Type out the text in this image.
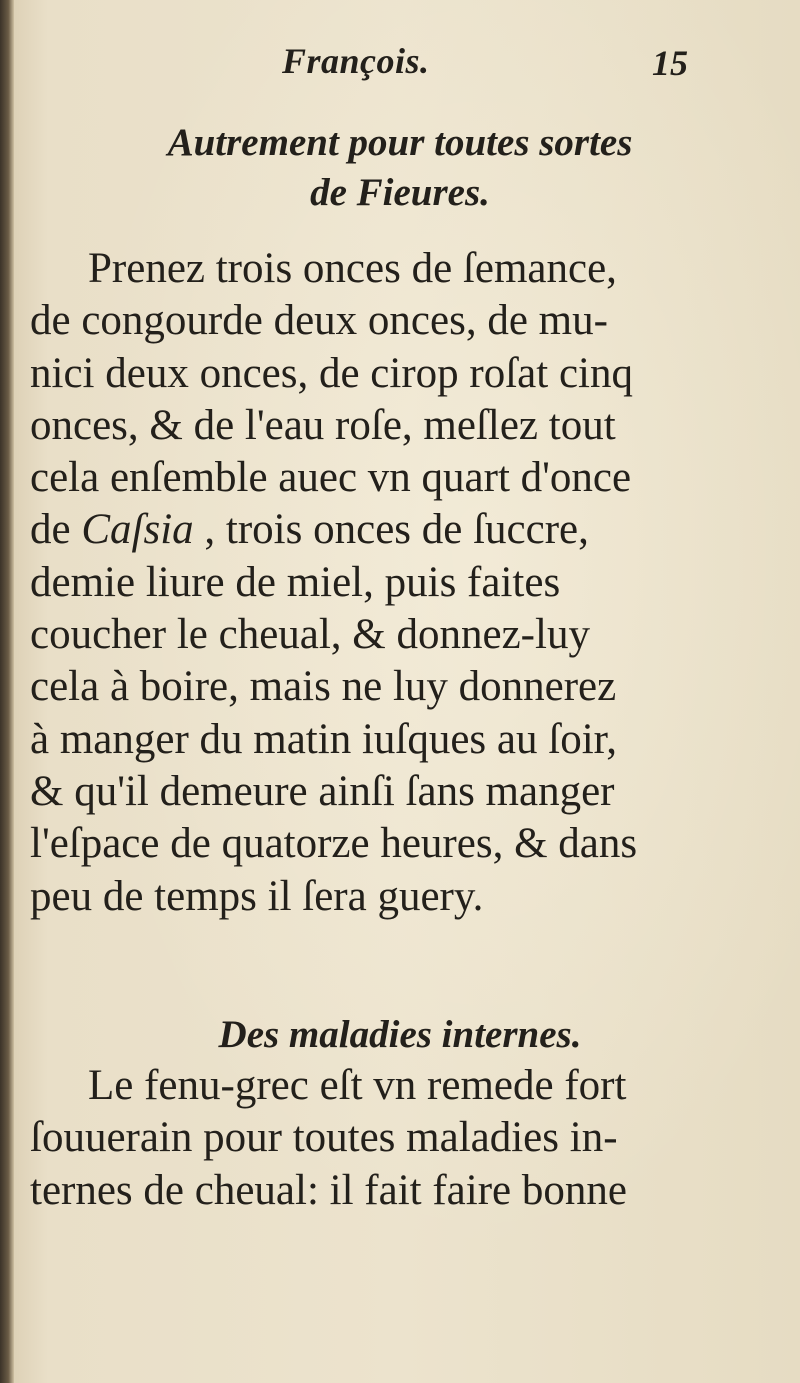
François.	15
Autrement pour toutes sortes
de Fieures.
Prenez trois onces de ſemance,
de congourde deux onces, de mu-
nici deux onces, de cirop roſat cinq
onces, & de l'eau roſe, meſlez tout
cela enſemble auec vn quart d'once
de Caſsia , trois onces de ſuccre,
demie liure de miel, puis faites
coucher le cheual, & donnez-luy
cela à boire, mais ne luy donnerez
à manger du matin iuſques au ſoir,
& qu'il demeure ainſi ſans manger
l'eſpace de quatorze heures, & dans
peu de temps il ſera guery.
Des maladies internes.
Le fenu-grec eſt vn remede fort
ſouuerain pour toutes maladies in-
ternes de cheual: il fait faire bonne
